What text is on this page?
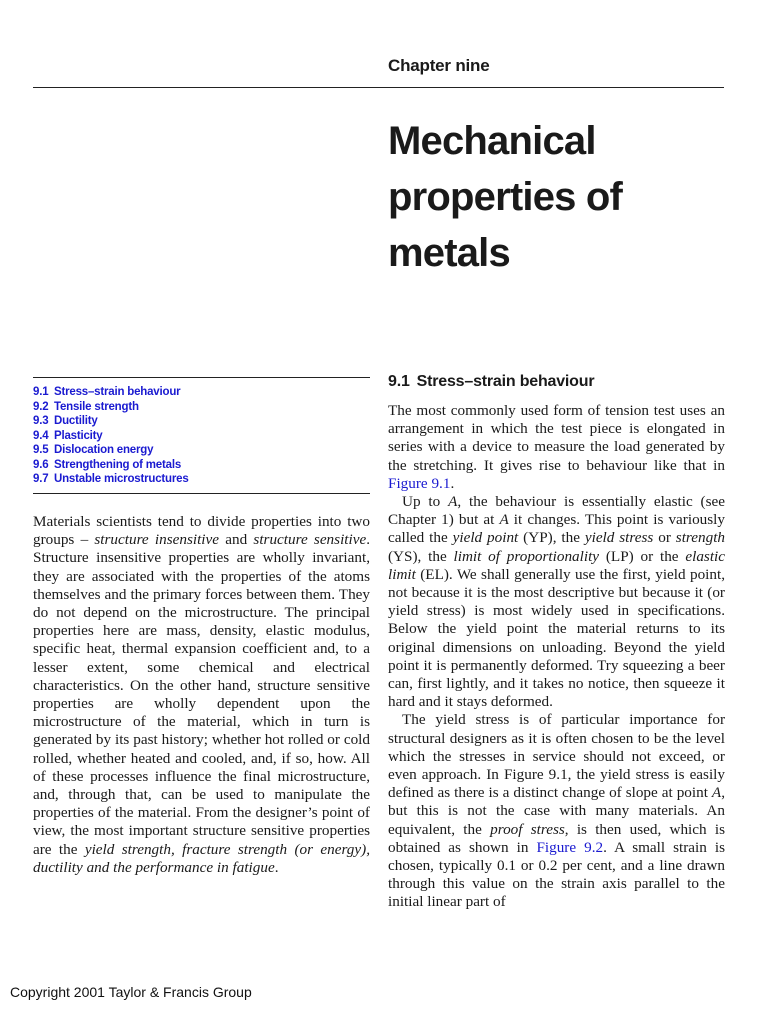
Chapter nine
Mechanical
properties of
metals
9.1 Stress–strain behaviour
9.2 Tensile strength
9.3 Ductility
9.4 Plasticity
9.5 Dislocation energy
9.6 Strengthening of metals
9.7 Unstable microstructures

Materials scientists tend to divide properties into two groups – structure insensitive and structure sensitive. Structure insensitive properties are wholly invariant, they are associated with the properties of the atoms themselves and the primary forces between them. They do not depend on the microstructure. The principal properties here are mass, density, elastic modulus, specific heat, thermal expansion coefficient and, to a lesser extent, some chemical and electrical characteristics. On the other hand, structure sensitive properties are wholly dependent upon the microstructure of the material, which in turn is generated by its past history; whether hot rolled or cold rolled, whether heated and cooled, and, if so, how. All of these processes influence the final microstructure, and, through that, can be used to manipulate the properties of the material. From the designer’s point of view, the most important structure sensitive properties are the yield strength, fracture strength (or energy), ductility and the performance in fatigue.

9.1 Stress–strain behaviour

The most commonly used form of tension test uses an arrangement in which the test piece is elongated in series with a device to measure the load generated by the stretching. It gives rise to behaviour like that in Figure 9.1.

Up to A, the behaviour is essentially elastic (see Chapter 1) but at A it changes. This point is variously called the yield point (YP), the yield stress or strength (YS), the limit of proportionality (LP) or the elastic limit (EL). We shall generally use the first, yield point, not because it is the most descriptive but because it (or yield stress) is most widely used in specifications. Below the yield point the material returns to its original dimensions on unloading. Beyond the yield point it is permanently deformed. Try squeezing a beer can, first lightly, and it takes no notice, then squeeze it hard and it stays deformed.

The yield stress is of particular importance for structural designers as it is often chosen to be the level which the stresses in service should not exceed, or even approach. In Figure 9.1, the yield stress is easily defined as there is a distinct change of slope at point A, but this is not the case with many materials. An equivalent, the proof stress, is then used, which is obtained as shown in Figure 9.2. A small strain is chosen, typically 0.1 or 0.2 per cent, and a line drawn through this value on the strain axis parallel to the initial linear part of

Copyright 2001 Taylor & Francis Group
